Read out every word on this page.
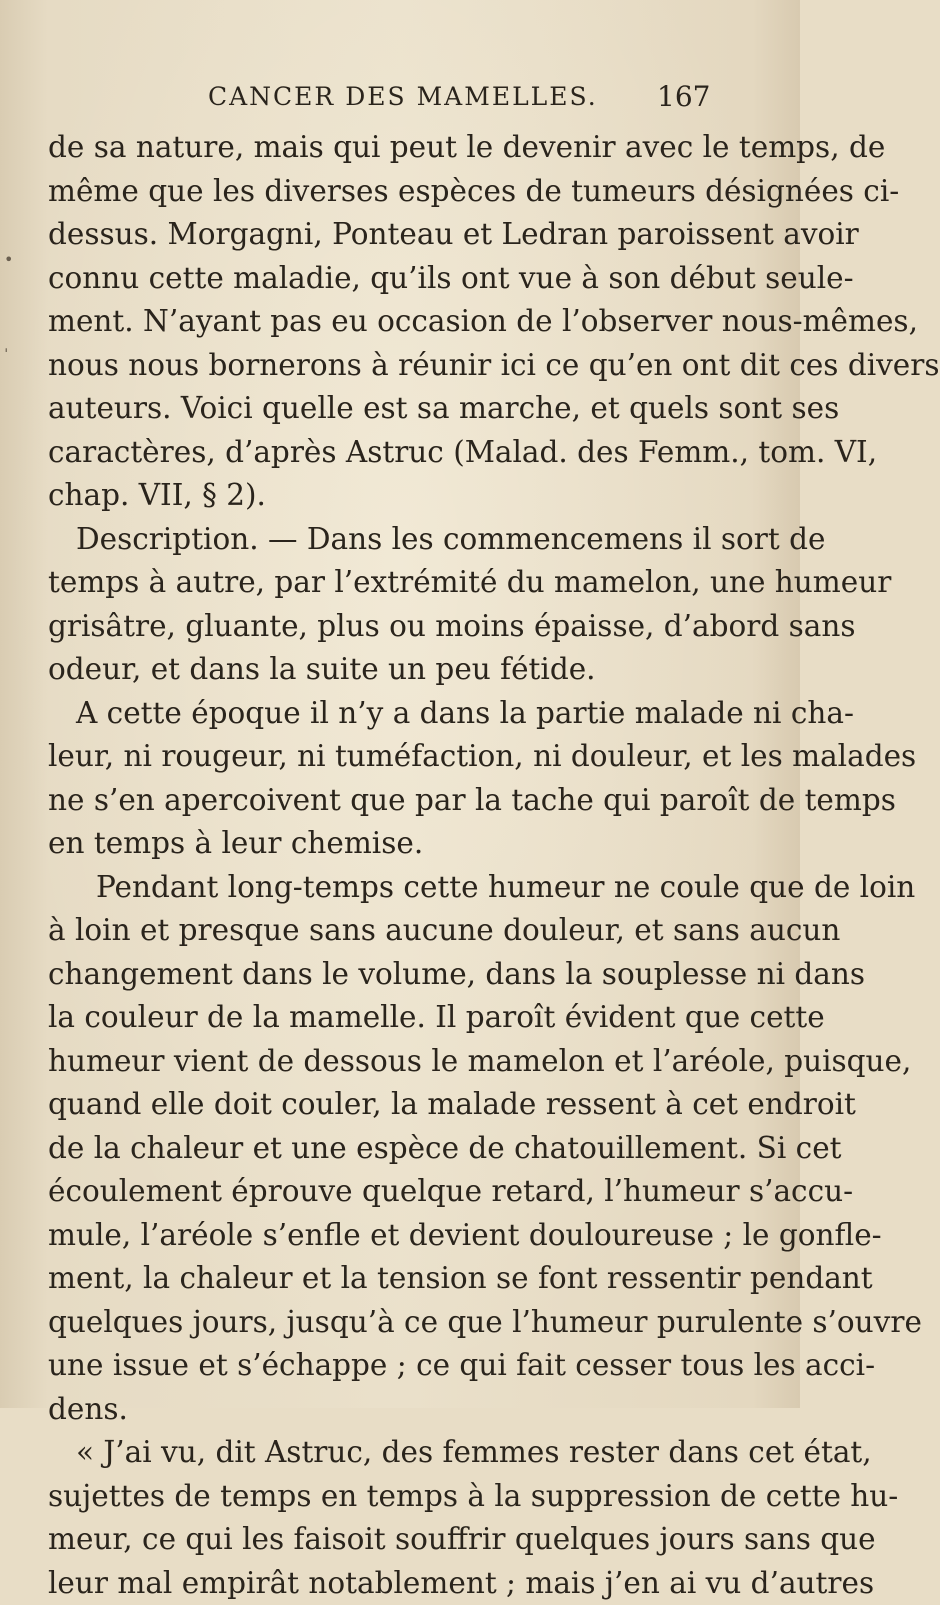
CANCER DES MAMELLES. 167
•
ˌ
de sa nature, mais qui peut le devenir avec le temps, de
même que les diverses espèces de tumeurs désignées ci-
dessus. Morgagni, Ponteau et Ledran paroissent avoir
connu cette maladie, qu’ils ont vue à son début seule-
ment. N’ayant pas eu occasion de l’observer nous-mêmes,
nous nous bornerons à réunir ici ce qu’en ont dit ces divers
auteurs. Voici quelle est sa marche, et quels sont ses
caractères, d’après Astruc (Malad. des Femm., tom. VI,
chap. VII, § 2).
Description. — Dans les commencemens il sort de
temps à autre, par l’extrémité du mamelon, une humeur
grisâtre, gluante, plus ou moins épaisse, d’abord sans
odeur, et dans la suite un peu fétide.
A cette époque il n’y a dans la partie malade ni cha-
leur, ni rougeur, ni tuméfaction, ni douleur, et les malades
ne s’en apercoivent que par la tache qui paroît de temps
en temps à leur chemise.
Pendant long-temps cette humeur ne coule que de loin
à loin et presque sans aucune douleur, et sans aucun
changement dans le volume, dans la souplesse ni dans
la couleur de la mamelle. Il paroît évident que cette
humeur vient de dessous le mamelon et l’aréole, puisque,
quand elle doit couler, la malade ressent à cet endroit
de la chaleur et une espèce de chatouillement. Si cet
écoulement éprouve quelque retard, l’humeur s’accu-
mule, l’aréole s’enfle et devient douloureuse ; le gonfle-
ment, la chaleur et la tension se font ressentir pendant
quelques jours, jusqu’à ce que l’humeur purulente s’ouvre
une issue et s’échappe ; ce qui fait cesser tous les acci-
dens.
« J’ai vu, dit Astruc, des femmes rester dans cet état,
sujettes de temps en temps à la suppression de cette hu-
meur, ce qui les faisoit souffrir quelques jours sans que
leur mal empirât notablement ; mais j’en ai vu d’autres
